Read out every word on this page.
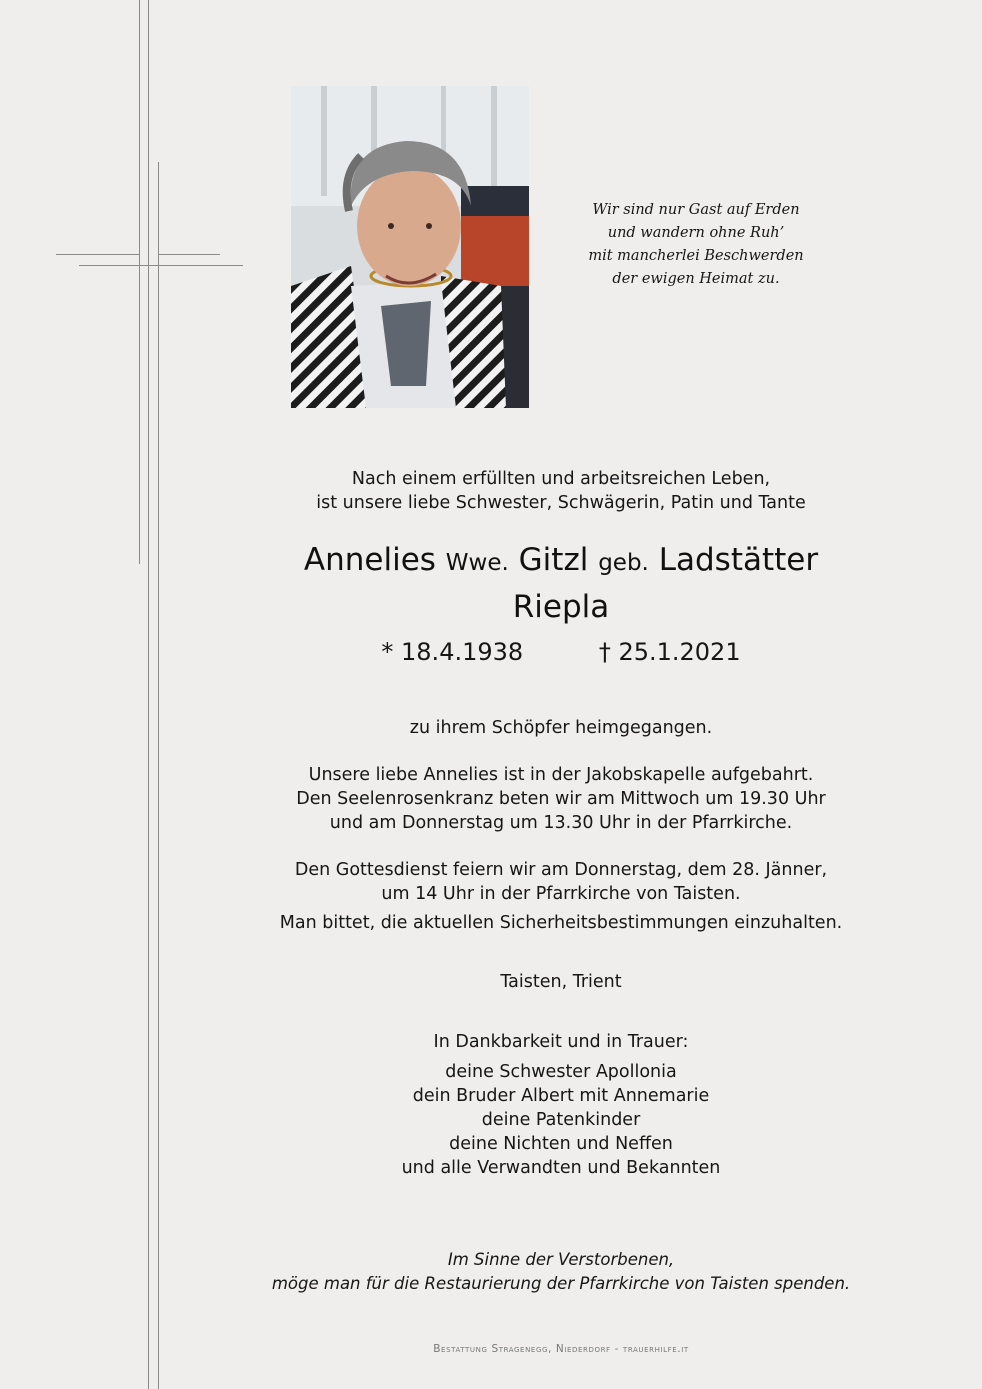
Wir sind nur Gast auf Erden
und wandern ohne Ruh’
mit mancherlei Beschwerden
der ewigen Heimat zu.
Nach einem erfüllten und arbeitsreichen Leben,
ist unsere liebe Schwester, Schwägerin, Patin und Tante
Annelies Wwe. Gitzl geb. Ladstätter
Riepla
* 18.4.1938	† 25.1.2021
zu ihrem Schöpfer heimgegangen.
Unsere liebe Annelies ist in der Jakobskapelle aufgebahrt.
Den Seelenrosenkranz beten wir am Mittwoch um 19.30 Uhr
und am Donnerstag um 13.30 Uhr in der Pfarrkirche.
Den Gottesdienst feiern wir am Donnerstag, dem 28. Jänner,
um 14 Uhr in der Pfarrkirche von Taisten.
Man bittet, die aktuellen Sicherheitsbestimmungen einzuhalten.
Taisten, Trient
In Dankbarkeit und in Trauer:
deine Schwester Apollonia
dein Bruder Albert mit Annemarie
deine Patenkinder
deine Nichten und Neffen
und alle Verwandten und Bekannten
Im Sinne der Verstorbenen,
möge man für die Restaurierung der Pfarrkirche von Taisten spenden.
Bestattung Stragenegg, Niederdorf - trauerhilfe.it
